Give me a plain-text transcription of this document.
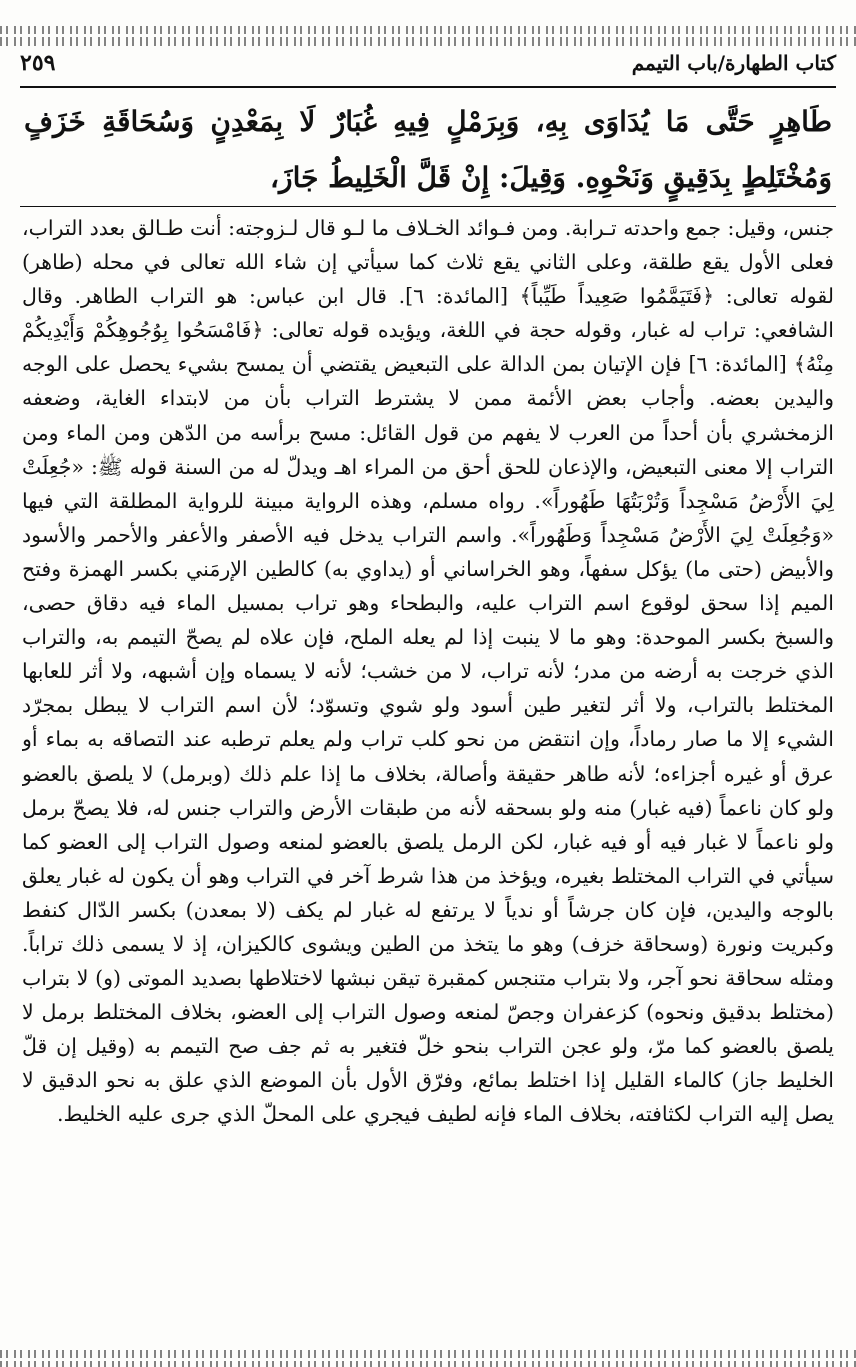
كتاب الطهارة/باب التيمم
٢٥٩
طَاهِرٍ حَتَّى مَا يُدَاوَى بِهِ، وَبِرَمْلٍ فِيهِ غُبَارٌ لَا بِمَعْدِنٍ وَسُحَاقَةِ خَزَفٍ وَمُخْتَلِطٍ بِدَقِيقٍ وَنَحْوِهِ. وَقِيلَ: إِنْ قَلَّ الْخَلِيطُ جَازَ،

جنس، وقيل: جمع واحدته تـرابة. ومن فـوائد الخـلاف ما لـو قال لـزوجته: أنت طـالق بعدد التراب، فعلى الأول يقع طلقة، وعلى الثاني يقع ثلاث كما سيأتي إن شاء الله تعالى في محله (طاهر) لقوله تعالى: ﴿فَتَيَمَّمُوا صَعِيداً طَيِّباً﴾ [المائدة: ٦]. قال ابن عباس: هو التراب الطاهر. وقال الشافعي: تراب له غبار، وقوله حجة في اللغة، ويؤيده قوله تعالى: ﴿فَامْسَحُوا بِوُجُوهِكُمْ وَأَيْدِيكُمْ مِنْهُ﴾ [المائدة: ٦] فإن الإتيان بمن الدالة على التبعيض يقتضي أن يمسح بشيء يحصل على الوجه واليدين بعضه. وأجاب بعض الأئمة ممن لا يشترط التراب بأن من لابتداء الغاية، وضعفه الزمخشري بأن أحداً من العرب لا يفهم من قول القائل: مسح برأسه من الدّهن ومن الماء ومن التراب إلا معنى التبعيض، والإذعان للحق أحق من المراء اهـ ويدلّ له من السنة قوله ﷺ: «جُعِلَتْ لِيَ الأَرْضُ مَسْجِداً وَتُرْبَتُهَا طَهُوراً». رواه مسلم، وهذه الرواية مبينة للرواية المطلقة التي فيها «وَجُعِلَتْ لِيَ الأَرْضُ مَسْجِداً وَطَهُوراً». واسم التراب يدخل فيه الأصفر والأعفر والأحمر والأسود والأبيض (حتى ما) يؤكل سفهاً، وهو الخراساني أو (يداوي به) كالطين الإرمَني بكسر الهمزة وفتح الميم إذا سحق لوقوع اسم التراب عليه، والبطحاء وهو تراب بمسيل الماء فيه دقاق حصى، والسبخ بكسر الموحدة: وهو ما لا ينبت إذا لم يعله الملح، فإن علاه لم يصحّ التيمم به، والتراب الذي خرجت به أرضه من مدر؛ لأنه تراب، لا من خشب؛ لأنه لا يسماه وإن أشبهه، ولا أثر للعابها المختلط بالتراب، ولا أثر لتغير طين أسود ولو شوي وتسوّد؛ لأن اسم التراب لا يبطل بمجرّد الشيء إلا ما صار رماداً، وإن انتقض من نحو كلب تراب ولم يعلم ترطبه عند التصاقه به بماء أو عرق أو غيره أجزاءه؛ لأنه طاهر حقيقة وأصالة، بخلاف ما إذا علم ذلك (وبرمل) لا يلصق بالعضو ولو كان ناعماً (فيه غبار) منه ولو بسحقه لأنه من طبقات الأرض والتراب جنس له، فلا يصحّ برمل ولو ناعماً لا غبار فيه أو فيه غبار، لكن الرمل يلصق بالعضو لمنعه وصول التراب إلى العضو كما سيأتي في التراب المختلط بغيره، ويؤخذ من هذا شرط آخر في التراب وهو أن يكون له غبار يعلق بالوجه واليدين، فإن كان جرشاً أو ندياً لا يرتفع له غبار لم يكف (لا بمعدن) بكسر الدّال كنفط وكبريت ونورة (وسحاقة خزف) وهو ما يتخذ من الطين ويشوى كالكيزان، إذ لا يسمى ذلك تراباً. ومثله سحاقة نحو آجر، ولا بتراب متنجس كمقبرة تيقن نبشها لاختلاطها بصديد الموتى (و) لا بتراب (مختلط بدقيق ونحوه) كزعفران وجصّ لمنعه وصول التراب إلى العضو، بخلاف المختلط برمل لا يلصق بالعضو كما مرّ، ولو عجن التراب بنحو خلّ فتغير به ثم جف صح التيمم به (وقيل إن قلّ الخليط جاز) كالماء القليل إذا اختلط بمائع، وفرّق الأول بأن الموضع الذي علق به نحو الدقيق لا يصل إليه التراب لكثافته، بخلاف الماء فإنه لطيف فيجري على المحلّ الذي جرى عليه الخليط.
